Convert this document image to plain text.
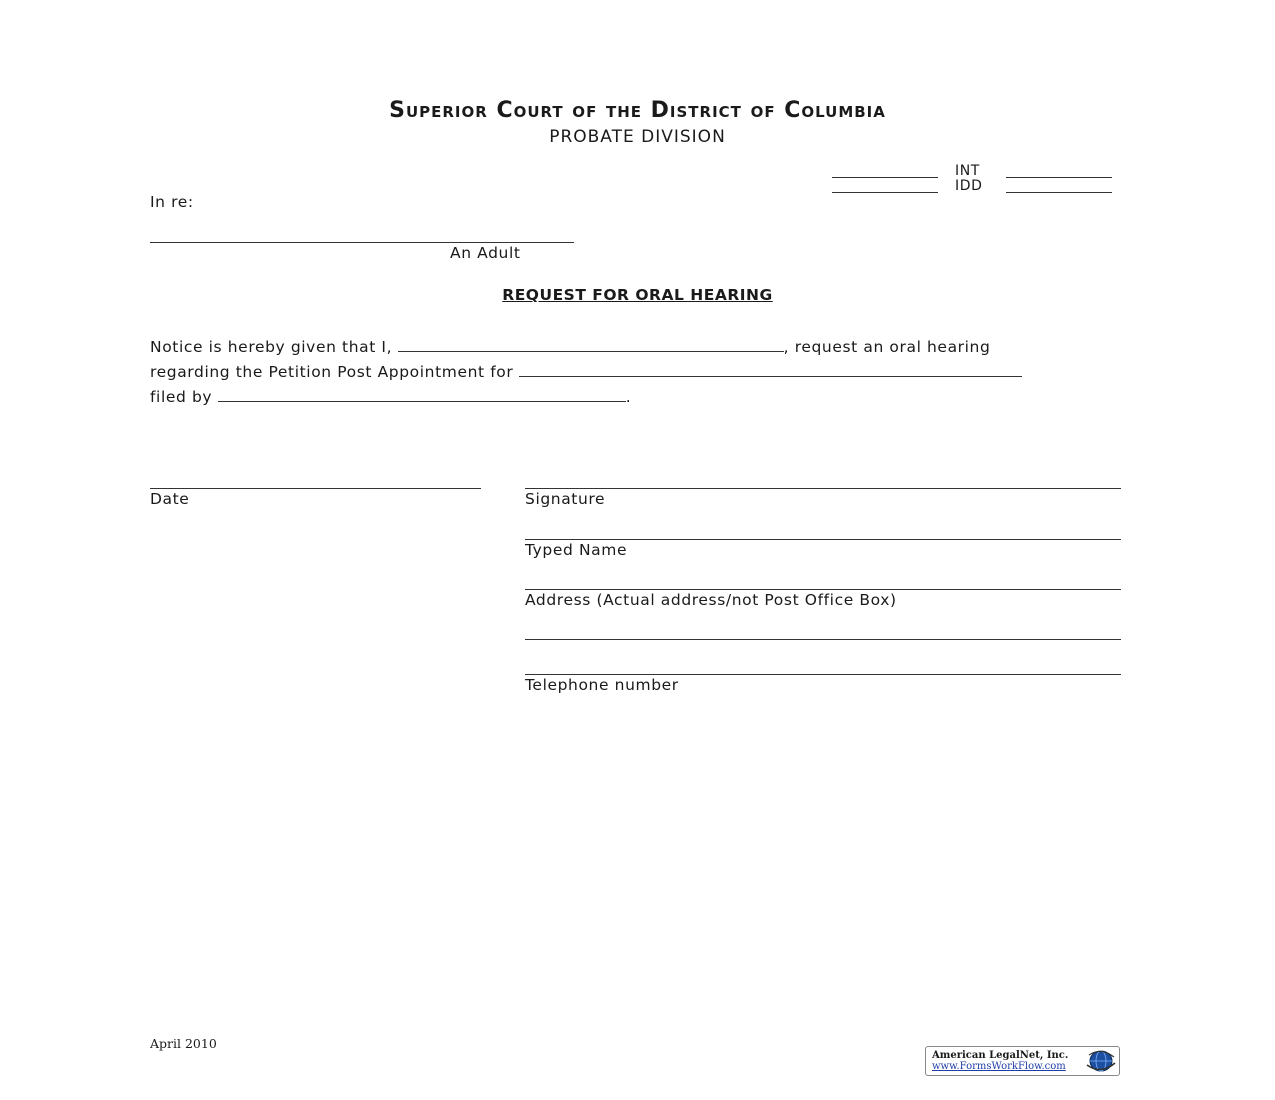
Superior Court of the District of Columbia
PROBATE DIVISION
INT
IDD
In re:
An Adult
REQUEST FOR ORAL HEARING
Notice is hereby given that I,	, request an oral hearing
regarding the Petition Post Appointment for
filed by	.
Date	Signature
Typed Name
Address (Actual address/not Post Office Box)
Telephone number
April 2010
American LegalNet, Inc.
www.FormsWorkFlow.com
